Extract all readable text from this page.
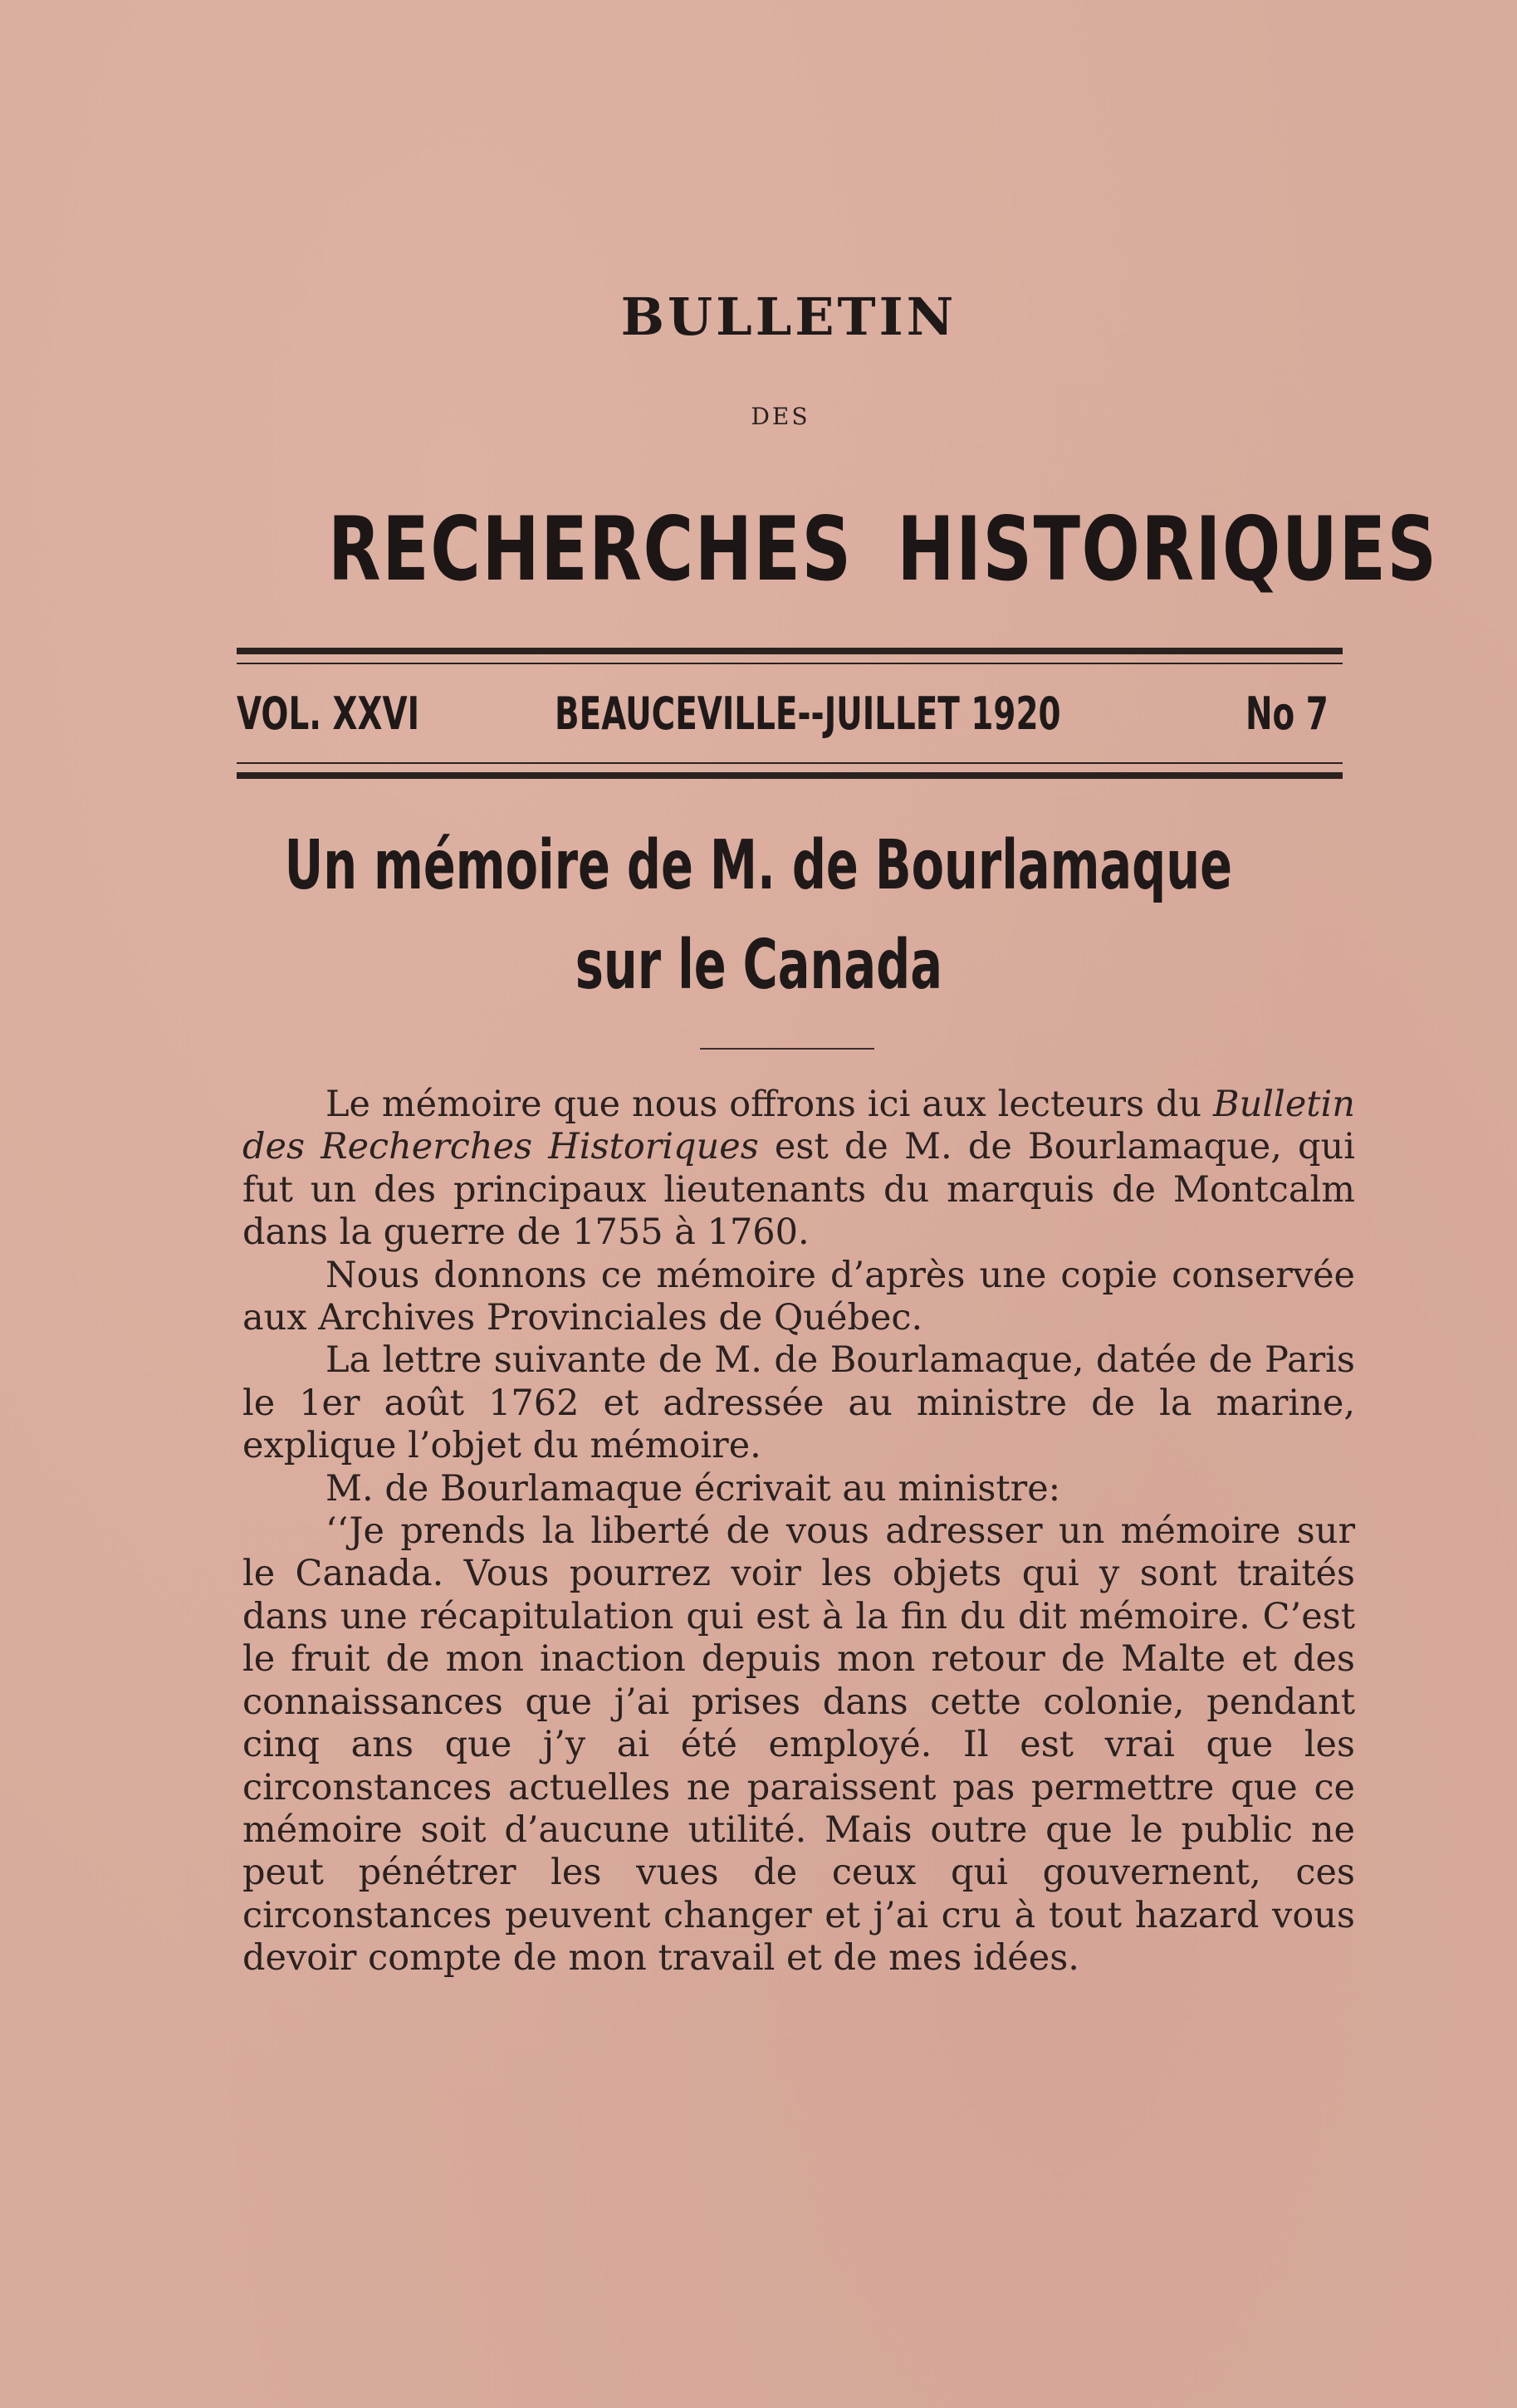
BULLETIN
DES
RECHERCHES HISTORIQUES
VOL. XXVI	BEAUCEVILLE--JUILLET 1920	No 7
Un mémoire de M. de Bourlamaque
sur le Canada

Le mémoire que nous offrons ici aux lecteurs du Bulletin des Recherches Historiques est de M. de Bourlamaque, qui fut un des principaux lieutenants du marquis de Montcalm dans la guerre de 1755 à 1760.

Nous donnons ce mémoire d’après une copie conservée aux Archives Provinciales de Québec.

La lettre suivante de M. de Bourlamaque, datée de Paris le 1er août 1762 et adressée au ministre de la marine, explique l’objet du mémoire.

M. de Bourlamaque écrivait au ministre:

‘‘Je prends la liberté de vous adresser un mémoire sur le Canada. Vous pourrez voir les objets qui y sont traités dans une récapitulation qui est à la fin du dit mémoire. C’est le fruit de mon inaction depuis mon retour de Malte et des connaissances que j’ai prises dans cette colonie, pendant cinq ans que j’y ai été employé. Il est vrai que les circonstances actuelles ne paraissent pas permettre que ce mémoire soit d’aucune utilité. Mais outre que le public ne peut pénétrer les vues de ceux qui gouvernent, ces circonstances peuvent changer et j’ai cru à tout hazard vous devoir compte de mon travail et de mes idées.
